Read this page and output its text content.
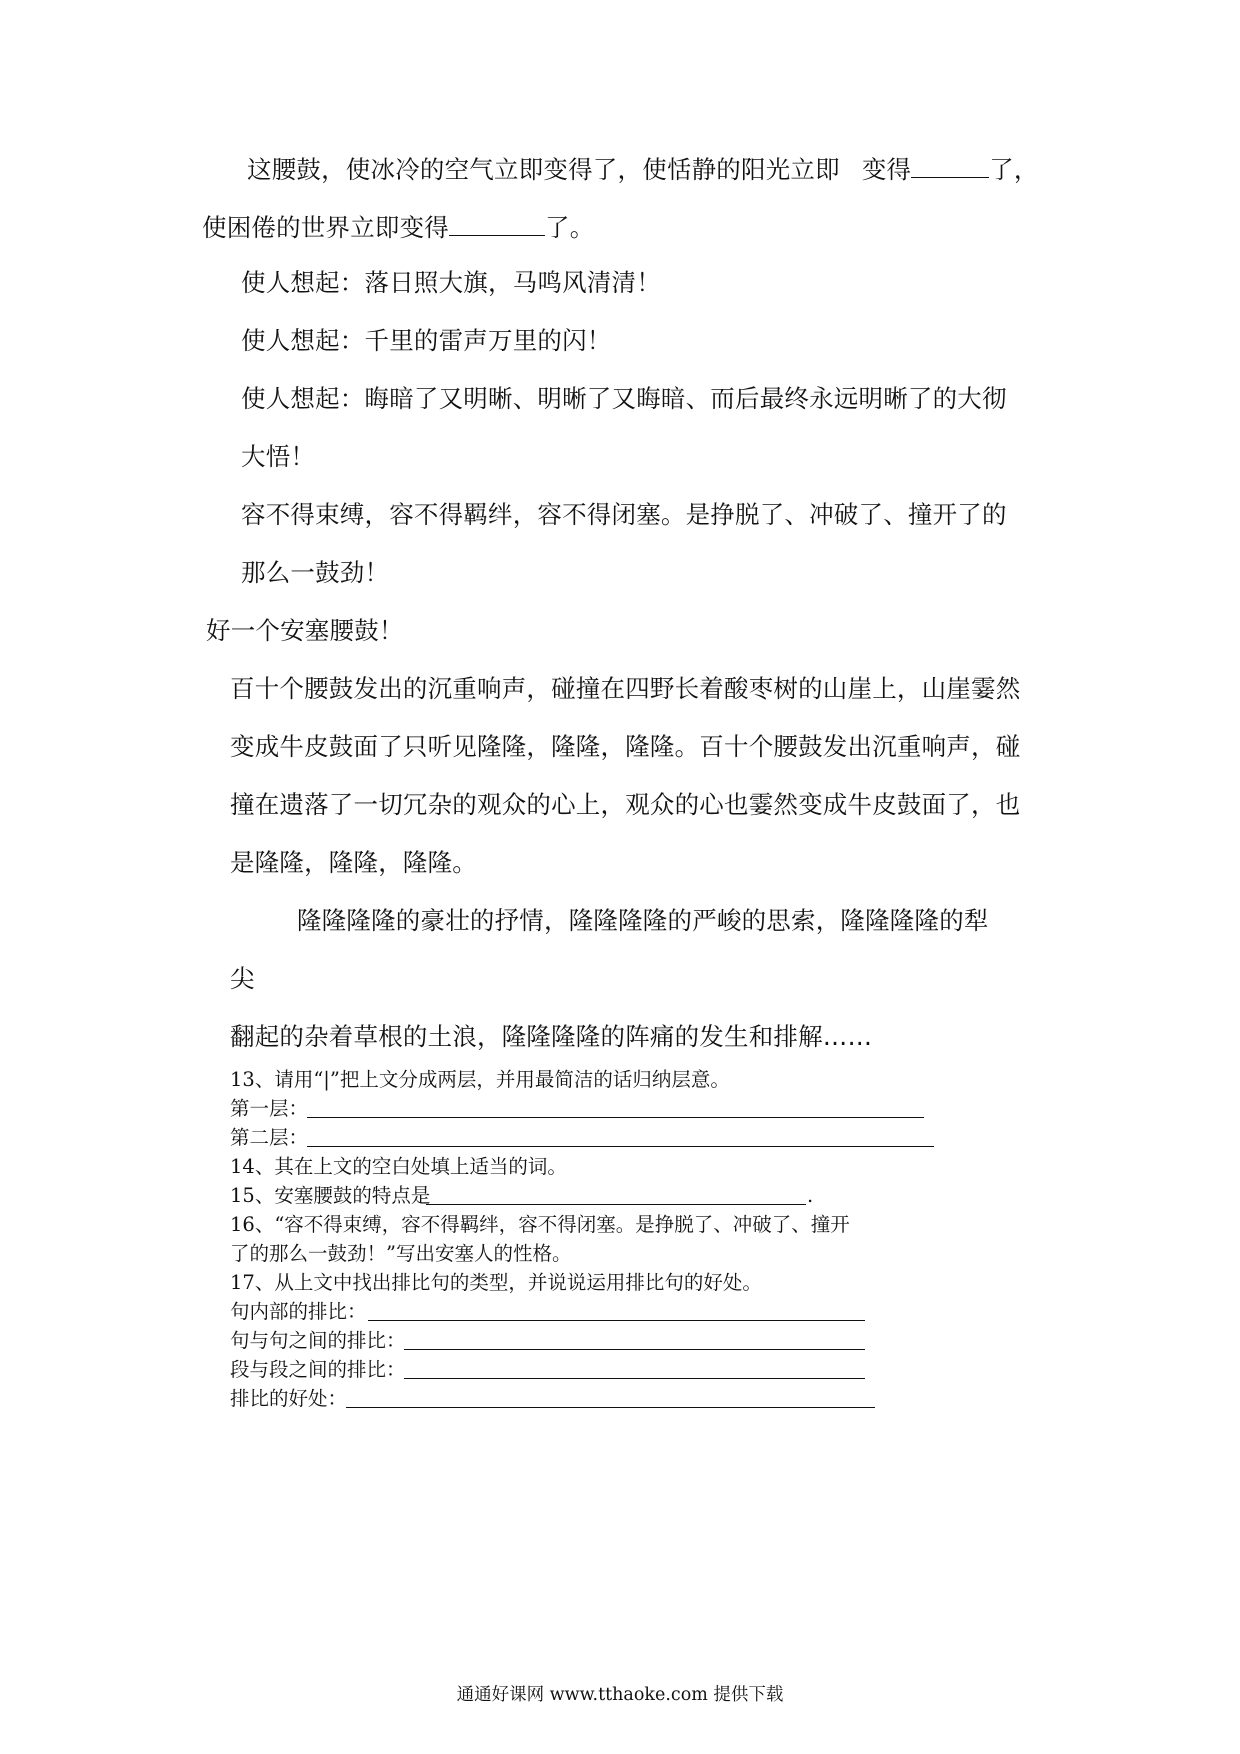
这腰鼓，使冰冷的空气立即变得了，使恬静的阳光立即 变得	了，
使困倦的世界立即变得	了。
使人想起：落日照大旗，马鸣风清清！
使人想起：千里的雷声万里的闪！
使人想起：晦暗了又明晰、明晰了又晦暗、而后最终永远明晰了的大彻
大悟！
容不得束缚，容不得羁绊，容不得闭塞。是挣脱了、冲破了、撞开了的
那么一鼓劲！
好一个安塞腰鼓！
百十个腰鼓发出的沉重响声，碰撞在四野长着酸枣树的山崖上，山崖霎然
变成牛皮鼓面了只听见隆隆，隆隆，隆隆。百十个腰鼓发出沉重响声，碰
撞在遗落了一切冗杂的观众的心上，观众的心也霎然变成牛皮鼓面了，也
是隆隆，隆隆，隆隆。
隆隆隆隆的豪壮的抒情，隆隆隆隆的严峻的思索，隆隆隆隆的犁
尖
翻起的杂着草根的土浪，隆隆隆隆的阵痛的发生和排解……
13、请用“|”把上文分成两层，并用最简洁的话归纳层意。
第一层：
第二层：
14、其在上文的空白处填上适当的词。
15、安塞腰鼓的特点是	.
16、“容不得束缚，容不得羁绊，容不得闭塞。是挣脱了、冲破了、撞开
了的那么一鼓劲！”写出安塞人的性格。
17、从上文中找出排比句的类型，并说说运用排比句的好处。
句内部的排比：
句与句之间的排比：
段与段之间的排比：
排比的好处：
通通好课网 www.tthaoke.com 提供下载
